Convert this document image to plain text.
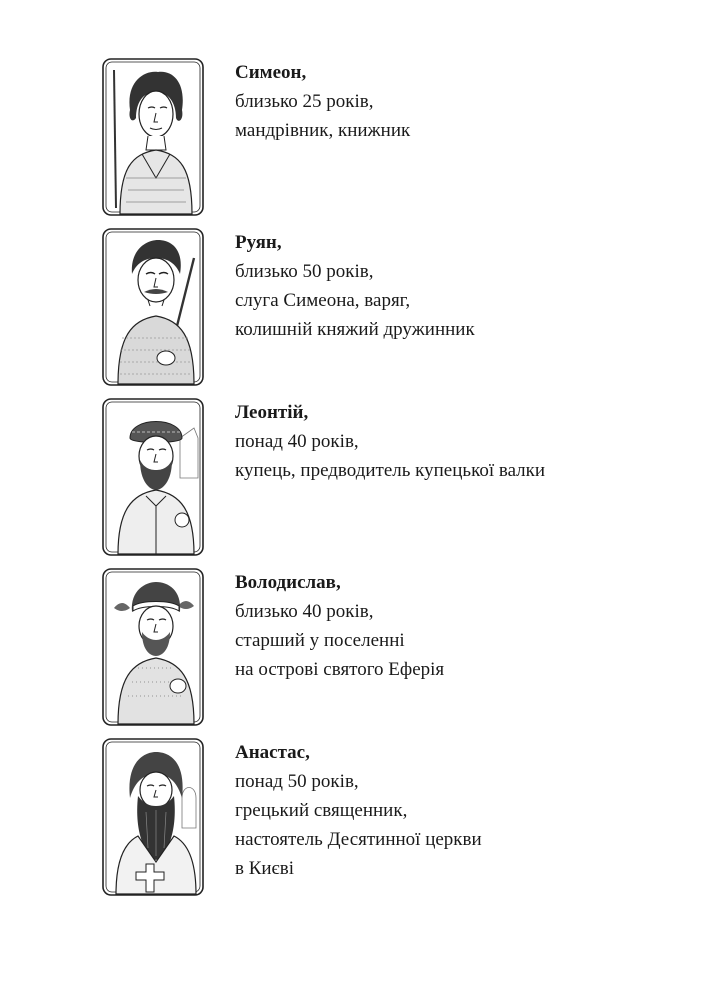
Симеон,
близько 25 років,
мандрівник, книжник
Руян,
близько 50 років,
слуга Симеона, варяг,
колишній княжий дружинник
Леонтій,
понад 40 років,
купець, предводитель купецької валки
Володислав,
близько 40 років,
старший у поселенні
на острові святого Еферія
Анастас,
понад 50 років,
грецький священник,
настоятель Десятинної церкви
в Києві
